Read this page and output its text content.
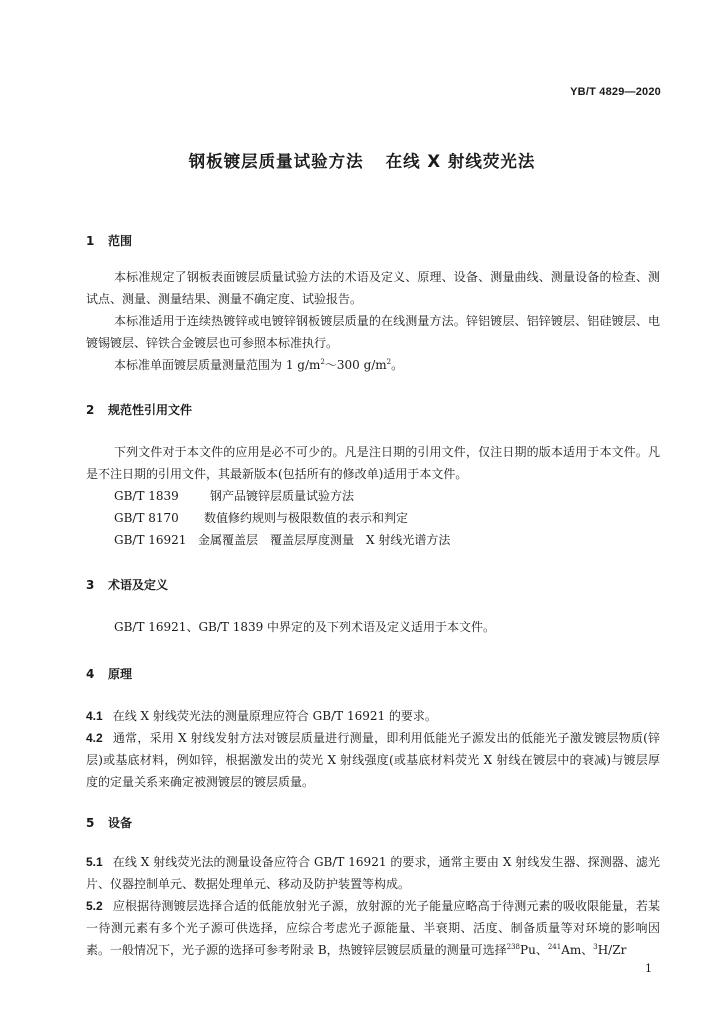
YB/T 4829—2020
钢板镀层质量试验方法 在线 X 射线荧光法
1 范围
本标准规定了钢板表面镀层质量试验方法的术语及定义、原理、设备、测量曲线、测量设备的检查、测试点、测量、测量结果、测量不确定度、试验报告。
本标准适用于连续热镀锌或电镀锌钢板镀层质量的在线测量方法。锌铝镀层、铝锌镀层、铝硅镀层、电镀锡镀层、锌铁合金镀层也可参照本标准执行。
本标准单面镀层质量测量范围为 1 $g/m^2\sim 300$ $g/m^2$。
2 规范性引用文件
下列文件对于本文件的应用是必不可少的。凡是注日期的引用文件，仅注日期的版本适用于本文件。凡是不注日期的引用文件，其最新版本(包括所有的修改单)适用于本文件。
GB/T 1839	钢产品镀锌层质量试验方法
GB/T 8170 数值修约规则与极限数值的表示和判定
GB/T 16921 金属覆盖层　覆盖层厚度测量　X 射线光谱方法
3 术语及定义
GB/T 16921、GB/T 1839 中界定的及下列术语及定义适用于本文件。
4 原理
4.1 在线 X 射线荧光法的测量原理应符合 GB/T 16921 的要求。
4.2 通常，采用 X 射线发射方法对镀层质量进行测量，即利用低能光子源发出的低能光子激发镀层物质(锌层)或基底材料，例如锌，根据激发出的荧光 X 射线强度(或基底材料荧光 X 射线在镀层中的衰减)与镀层厚度的定量关系来确定被测镀层的镀层质量。
5 设备
5.1 在线 X 射线荧光法的测量设备应符合 GB/T 16921 的要求，通常主要由 X 射线发生器、探测器、滤光片、仪器控制单元、数据处理单元、移动及防护装置等构成。
5.2 应根据待测镀层选择合适的低能放射光子源，放射源的光子能量应略高于待测元素的吸收限能量，若某一待测元素有多个光子源可供选择，应综合考虑光子源能量、半衰期、活度、制备质量等对环境的影响因素。一般情况下，光子源的选择可参考附录 B，热镀锌层镀层质量的测量可选择$^{238}$Pu、$^{241}$Am、$^3$H/Zr
1
